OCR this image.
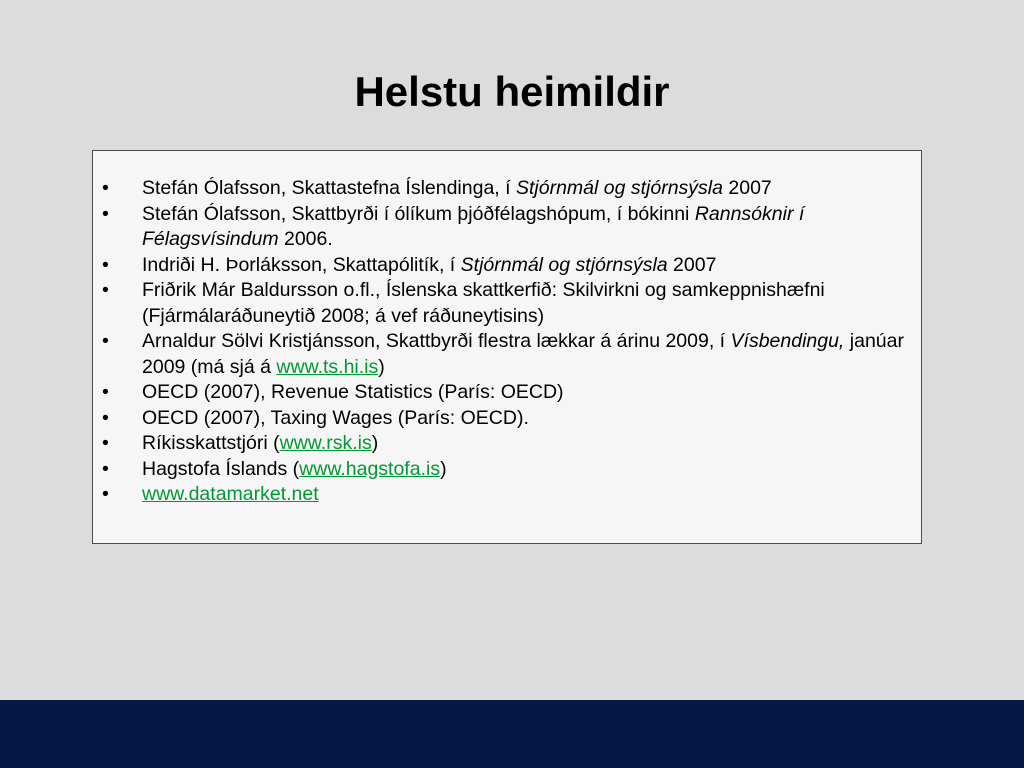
Helstu heimildir
•
Stefán Ólafsson, Skattastefna Íslendinga, í Stjórnmál og stjórnsýsla 2007
•
Stefán Ólafsson, Skattbyrði í ólíkum þjóðfélagshópum, í bókinni Rannsóknir í Félagsvísindum 2006.
•
Indriði H. Þorláksson, Skattapólitík, í Stjórnmál og stjórnsýsla 2007
•
Friðrik Már Baldursson o.fl., Íslenska skattkerfið: Skilvirkni og samkeppnishæfni (Fjármálaráðuneytið 2008; á vef ráðuneytisins)
•
Arnaldur Sölvi Kristjánsson, Skattbyrði flestra lækkar á árinu 2009, í Vísbendingu, janúar 2009 (má sjá á www.ts.hi.is)
•
OECD (2007), Revenue Statistics (París: OECD)
•
OECD (2007), Taxing Wages (París: OECD).
•
Ríkisskattstjóri (www.rsk.is)
•
Hagstofa Íslands (www.hagstofa.is)
•
www.datamarket.net
